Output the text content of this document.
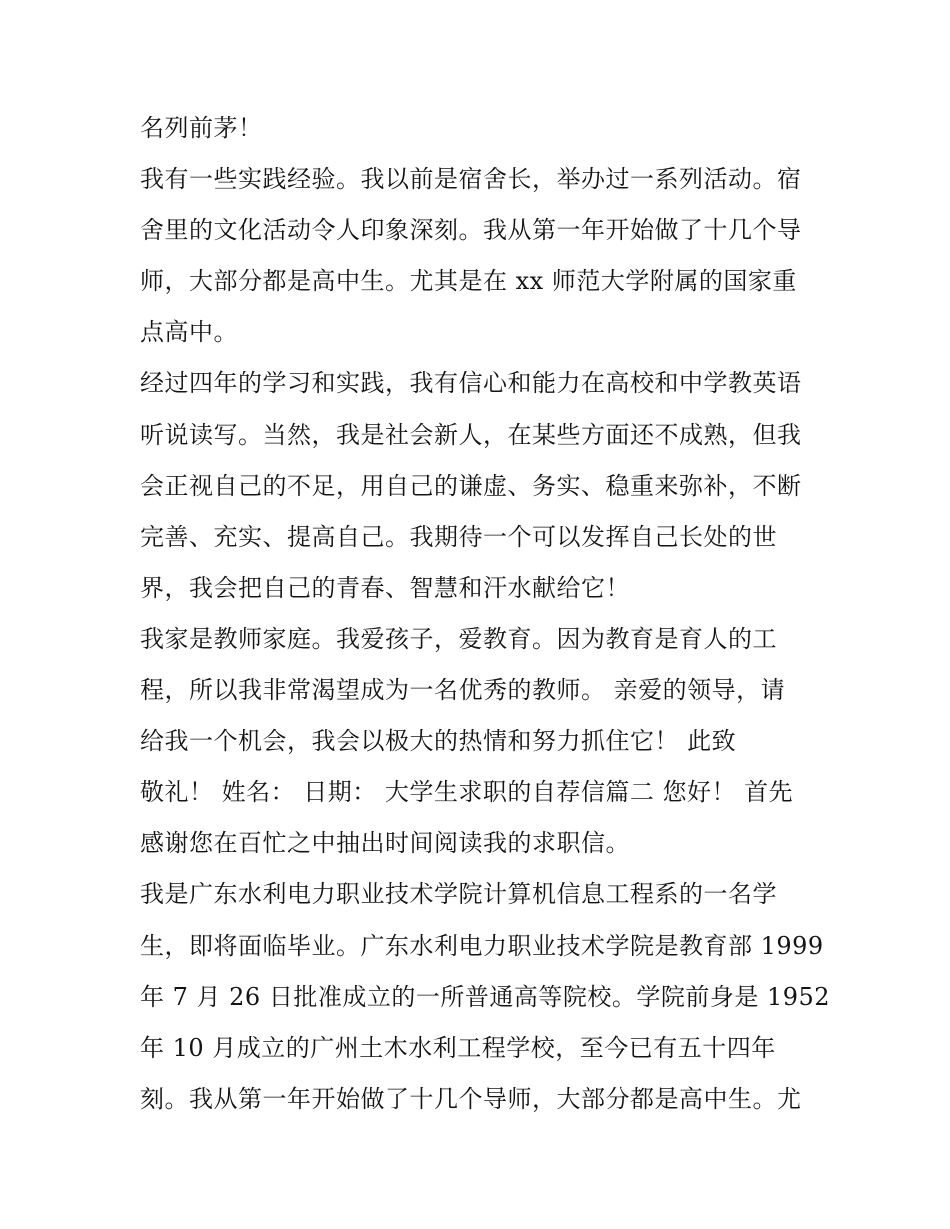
名列前茅！
我有一些实践经验。我以前是宿舍长，举办过一系列活动。宿
舍里的文化活动令人印象深刻。我从第一年开始做了十几个导
师，大部分都是高中生。尤其是在 xx 师范大学附属的国家重
点高中。
经过四年的学习和实践，我有信心和能力在高校和中学教英语
听说读写。当然，我是社会新人，在某些方面还不成熟，但我
会正视自己的不足，用自己的谦虚、务实、稳重来弥补，不断
完善、充实、提高自己。我期待一个可以发挥自己长处的世
界，我会把自己的青春、智慧和汗水献给它！
我家是教师家庭。我爱孩子，爱教育。因为教育是育人的工
程，所以我非常渴望成为一名优秀的教师。 亲爱的领导，请
给我一个机会，我会以极大的热情和努力抓住它！ 此致
敬礼！ 姓名： 日期： 大学生求职的自荐信篇二 您好！ 首先
感谢您在百忙之中抽出时间阅读我的求职信。
我是广东水利电力职业技术学院计算机信息工程系的一名学
生，即将面临毕业。广东水利电力职业技术学院是教育部 1999
年 7 月 26 日批准成立的一所普通高等院校。学院前身是 1952
年 10 月成立的广州土木水利工程学校，至今已有五十四年
刻。我从第一年开始做了十几个导师，大部分都是高中生。尤
